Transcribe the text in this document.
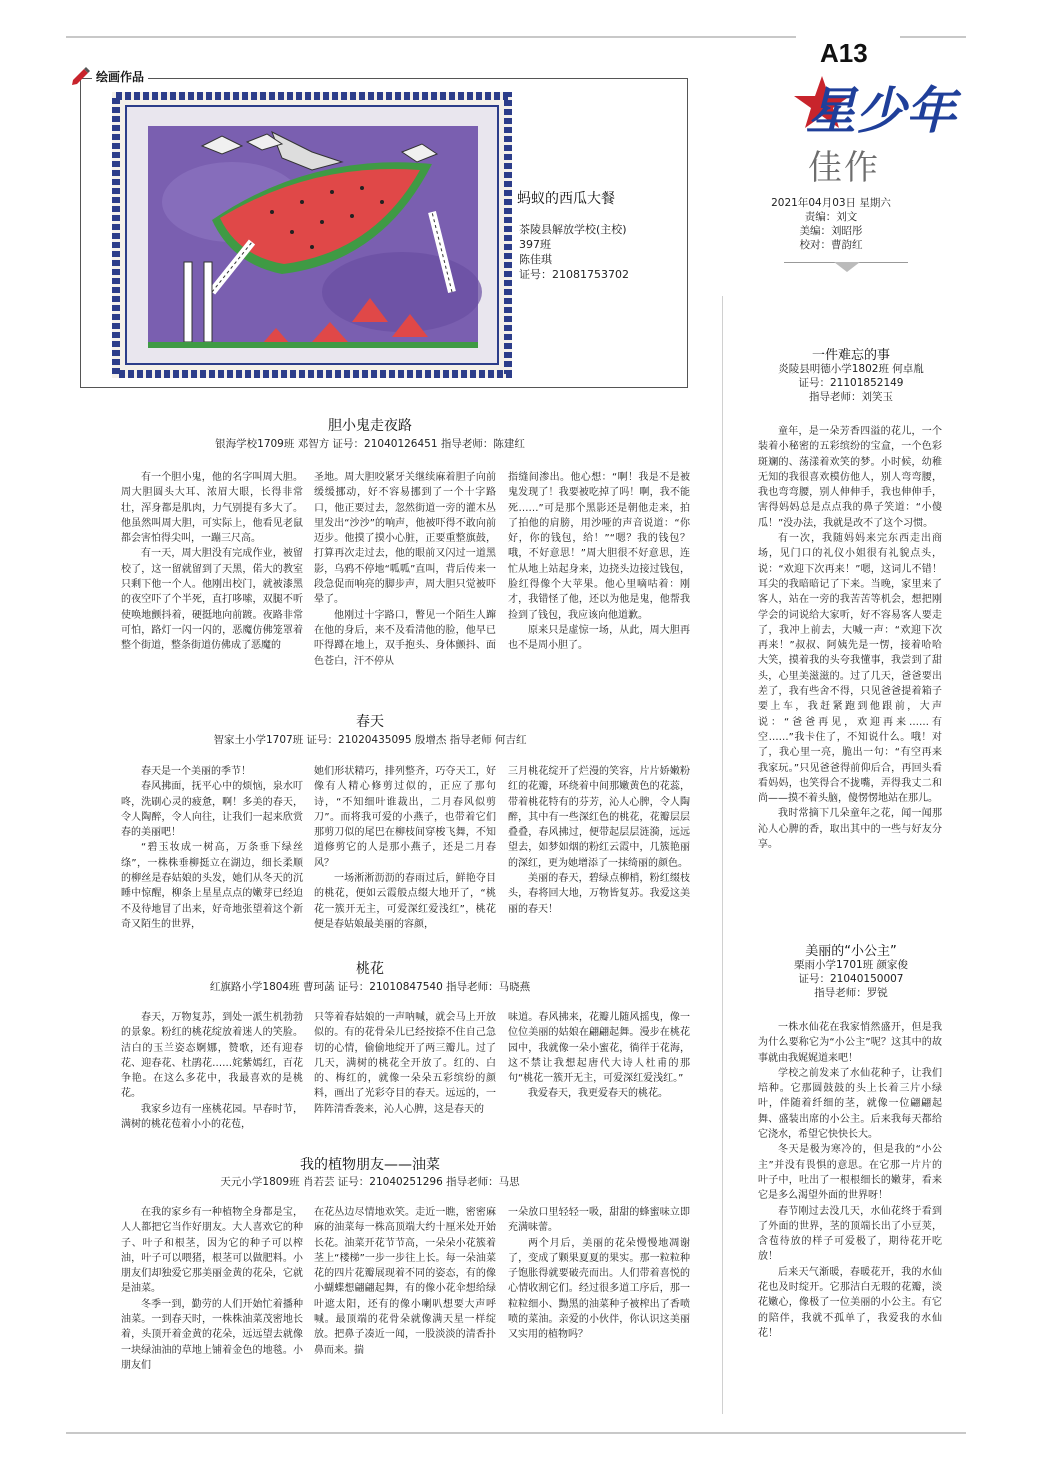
A13
星少年
佳作
2021年04月03日 星期六
责编：刘文
美编：刘昭彤
校对：曹韵红
绘画作品
蚂蚁的西瓜大餐
茶陵县解放学校(主校)
397班
陈佳琪
证号：21081753702
胆小鬼走夜路
银海学校1709班 邓智方 证号：21040126451 指导老师：陈建红

有一个胆小鬼，他的名字叫周大胆。周大胆圆头大耳、浓眉大眼，长得非常壮，浑身都是肌肉，力气别提有多大了。他虽然叫周大胆，可实际上，他看见老鼠都会害怕得尖叫，一蹦三尺高。

有一天，周大胆没有完成作业，被留校了，这一留就留到了天黑，偌大的教室只剩下他一个人。他刚出校门，就被漆黑的夜空吓了个半死，直打哆嗦，双腿不听使唤地颤抖着，硬挺地向前踱。夜路非常可怕，路灯一闪一闪的，恶魔仿佛笼罩着整个街道，整条街道仿佛成了恶魔的

圣地。周大胆咬紧牙关继续麻着胆子向前缓缓挪动，好不容易挪到了一个十字路口，他正要过去，忽然街道一旁的灌木丛里发出“沙沙”的响声，他被吓得不敢向前迈步。他摸了摸小心脏，正要重整旗鼓，打算再次走过去，他的眼前又闪过一道黑影，乌鸦不停地“呱呱”直叫，背后传来一段急促而响亮的脚步声，周大胆只觉被吓晕了。

他刚过十字路口，瞥见一个陌生人蹿在他的身后，来不及看清他的脸，他早已吓得蹲在地上，双手抱头、身体颤抖、面色苍白，汗不停从

指缝间渗出。他心想：“啊！我是不是被鬼发现了！我要被吃掉了吗！啊，我不能死……”可是那个黑影还是朝他走来，拍了拍他的肩膀，用沙哑的声音说道：“你好，你的钱包，给！”“嗯？我的钱包？哦，不好意思！”周大胆很不好意思，连忙从地上站起身来，边挠头边接过钱包，脸红得像个大苹果。他心里嘀咕着：刚才，我错怪了他，还以为他是鬼，他帮我捡到了钱包，我应该向他道歉。

原来只是虚惊一场，从此，周大胆再也不是周小胆了。

春天
智家土小学1707班 证号：21020435095 殷增杰 指导老师 何吉红

春天是一个美丽的季节！

春风拂面，抚平心中的烦恼，泉水叮咚，洗刷心灵的疲惫，啊！多美的春天，令人陶醉，令人向往，让我们一起来欣赏春的美丽吧！

“碧玉妆成一树高，万条垂下绿丝绦”，一株株垂柳挺立在湖边，细长柔顺的柳丝是春姑娘的头发，她们从冬天的沉睡中惊醒，柳条上星星点点的嫩芽已经迫不及待地冒了出来，好奇地张望着这个新奇又陌生的世界，

她们形状精巧，排列整齐，巧夺天工，好像有人精心修剪过似的，正应了那句诗，“不知细叶谁裁出，二月春风似剪刀”。而将我可爱的小燕子，也带着它们那剪刀似的尾巴在柳枝间穿梭飞舞，不知道修剪它的人是那小燕子，还是二月春风？

一场淅淅沥沥的春雨过后，鲜艳夺目的桃花，便如云霞般点缀大地开了，“桃花一簇开无主，可爱深红爱浅红”，桃花便是春姑娘最美丽的容颜，

三月桃花绽开了烂漫的笑容，片片娇嫩粉红的花瓣，环绕着中间那嫩黄色的花蕊，带着桃花特有的芬芳，沁人心脾，令人陶醉，其中有一些深红色的桃花，花瓣层层叠叠，春风拂过，便带起层层涟漪，远远望去，如梦如烟的粉红云霞中，几簇艳丽的深红，更为她增添了一抹绮丽的颜色。

美丽的春天，碧绿点柳梢，粉红缀枝头，春将回大地，万物皆复苏。我爱这美丽的春天！

桃花
红旗路小学1804班 曹珂菡 证号：21010847540 指导老师：马晓燕

春天，万物复苏，到处一派生机勃勃的景象。粉红的桃花绽放着迷人的笑脸。洁白的玉兰姿态婀娜，赞歌，还有迎春花、迎春花、杜鹃花……姹紫嫣红，百花争艳。在这么多花中，我最喜欢的是桃花。

我家乡边有一座桃花园。早春时节，满树的桃花苞着小小的花苞，

只等着春姑娘的一声呐喊，就会马上开放似的。有的花骨朵儿已经按捺不住自己急切的心情，偷偷地绽开了两三瓣儿。过了几天，满树的桃花全开放了。红的、白的、梅红的，就像一朵朵五彩缤纷的颜料，画出了光彩夺目的春天。远远的，一阵阵清香袭来，沁人心脾，这是春天的

味道。春风拂来，花瓣儿随风摇曳，像一位位美丽的姑娘在翩翩起舞。漫步在桃花园中，我就像一朵小蜜花，徜徉于花海，这不禁让我想起唐代大诗人杜甫的那句“桃花一簇开无主，可爱深红爱浅红。”

我爱春天，我更爱春天的桃花。

我的植物朋友——油菜
天元小学1809班 肖若芸 证号：21040251296 指导老师：马思

在我的家乡有一种植物全身都是宝，人人都把它当作好朋友。大人喜欢它的种子、叶子和根茎，因为它的种子可以榨油，叶子可以喂猪，根茎可以做肥料。小朋友们却独爱它那美丽金黄的花朵，它就是油菜。

冬季一到，勤劳的人们开始忙着播种油菜。一到春天时，一株株油菜茂密地长着，头顶开着金黄的花朵，远远望去就像一块绿油油的草地上铺着金色的地毯。小朋友们

在花丛边尽情地欢笑。走近一瞧，密密麻麻的油菜每一株高顶端大约十厘米处开始长花。油菜开花节节高，一朵朵小花簇着茎上“楼梯”一步一步往上长。每一朵油菜花的四片花瓣展现着不同的姿态，有的像小蝴蝶想翩翩起舞，有的像小花伞想给绿叶遮太阳，还有的像小喇叭想要大声呼喊。最顶端的花骨朵就像满天星一样绽放。把鼻子凑近一闻，一股淡淡的清香扑鼻而来。揣

一朵放口里轻轻一吸，甜甜的蜂蜜味立即充满味蕾。

两个月后，美丽的花朵慢慢地凋谢了，变成了颗果夏夏的果实。那一粒粒种子饱胀得就要破壳而出。人们带着喜悦的心情收割它们。经过很多道工序后，那一粒粒细小、黝黑的油菜种子被榨出了香喷喷的菜油。亲爱的小伙伴，你认识这美丽又实用的植物吗？

一件难忘的事
炎陵县明德小学1802班 何卓胤
证号：21101852149
指导老师：刘笑玉

童年，是一朵芳香四溢的花儿，一个装着小秘密的五彩缤纷的宝盒，一个色彩斑斓的、荡漾着欢笑的梦。小时候，幼稚无知的我很喜欢模仿他人，别人弯弯腰，我也弯弯腰，别人伸伸手，我也伸伸手，害得妈妈总是点点我的鼻子笑道：“小傻瓜！”没办法，我就是改不了这个习惯。

有一次，我随妈妈来完东西走出商场，见门口的礼仪小姐很有礼貌点头，说：“欢迎下次再来！”嗯，这词儿不错！耳尖的我暗暗记了下来。当晚，家里来了客人，站在一旁的我苦苦等机会，想把刚学会的词说给大家听，好不容易客人要走了，我冲上前去，大喊一声：“欢迎下次再来！”叔叔、阿姨先是一愣，接着哈哈大笑，摸着我的头夸我懂事，我尝到了甜头，心里美滋滋的。过了几天，爸爸要出差了，我有些舍不得，只见爸爸提着箱子要上车，我赶紧跑到他跟前，大声说：“爸爸再见，欢迎再来……有空……”我卡住了，不知说什么。哦！对了，我心里一亮，脆出一句：“有空再来我家玩。”只见爸爸得前仰后合，再回头看看妈妈，也笑得合不拢嘴，弄得我丈二和尚——摸不着头脑，傻愣愣地站在那儿。

我时常摘下几朵童年之花，闻一闻那沁人心脾的香，取出其中的一些与好友分享。

美丽的“小公主”
栗雨小学1701班 颜家俊
证号：21040150007
指导老师：罗锐

一株水仙花在我家悄然盛开，但是我为什么要称它为“小公主”呢？这其中的故事就由我娓娓道来吧！

学校之前发来了水仙花种子，让我们培种。它那圆鼓鼓的头上长着三片小绿叶，伴随着纤细的茎，就像一位翩翩起舞、盛装出席的小公主。后来我每天都给它浇水，希望它快快长大。

冬天是极为寒冷的，但是我的“小公主”并没有畏惧的意思。在它那一片片的叶子中，吐出了一根根细长的嫩芽，看来它是多么渴望外面的世界呀！

春节刚过去没几天，水仙花终于看到了外面的世界，茎的顶端长出了小豆荚，含苞待放的样子可爱极了，期待花开吃放！

后来天气渐暖，春暖花开，我的水仙花也及时绽开。它那洁白无瑕的花瓣，淡花嫩心，像极了一位美丽的小公主。有它的陪伴，我就不孤单了，我爱我的水仙花！
